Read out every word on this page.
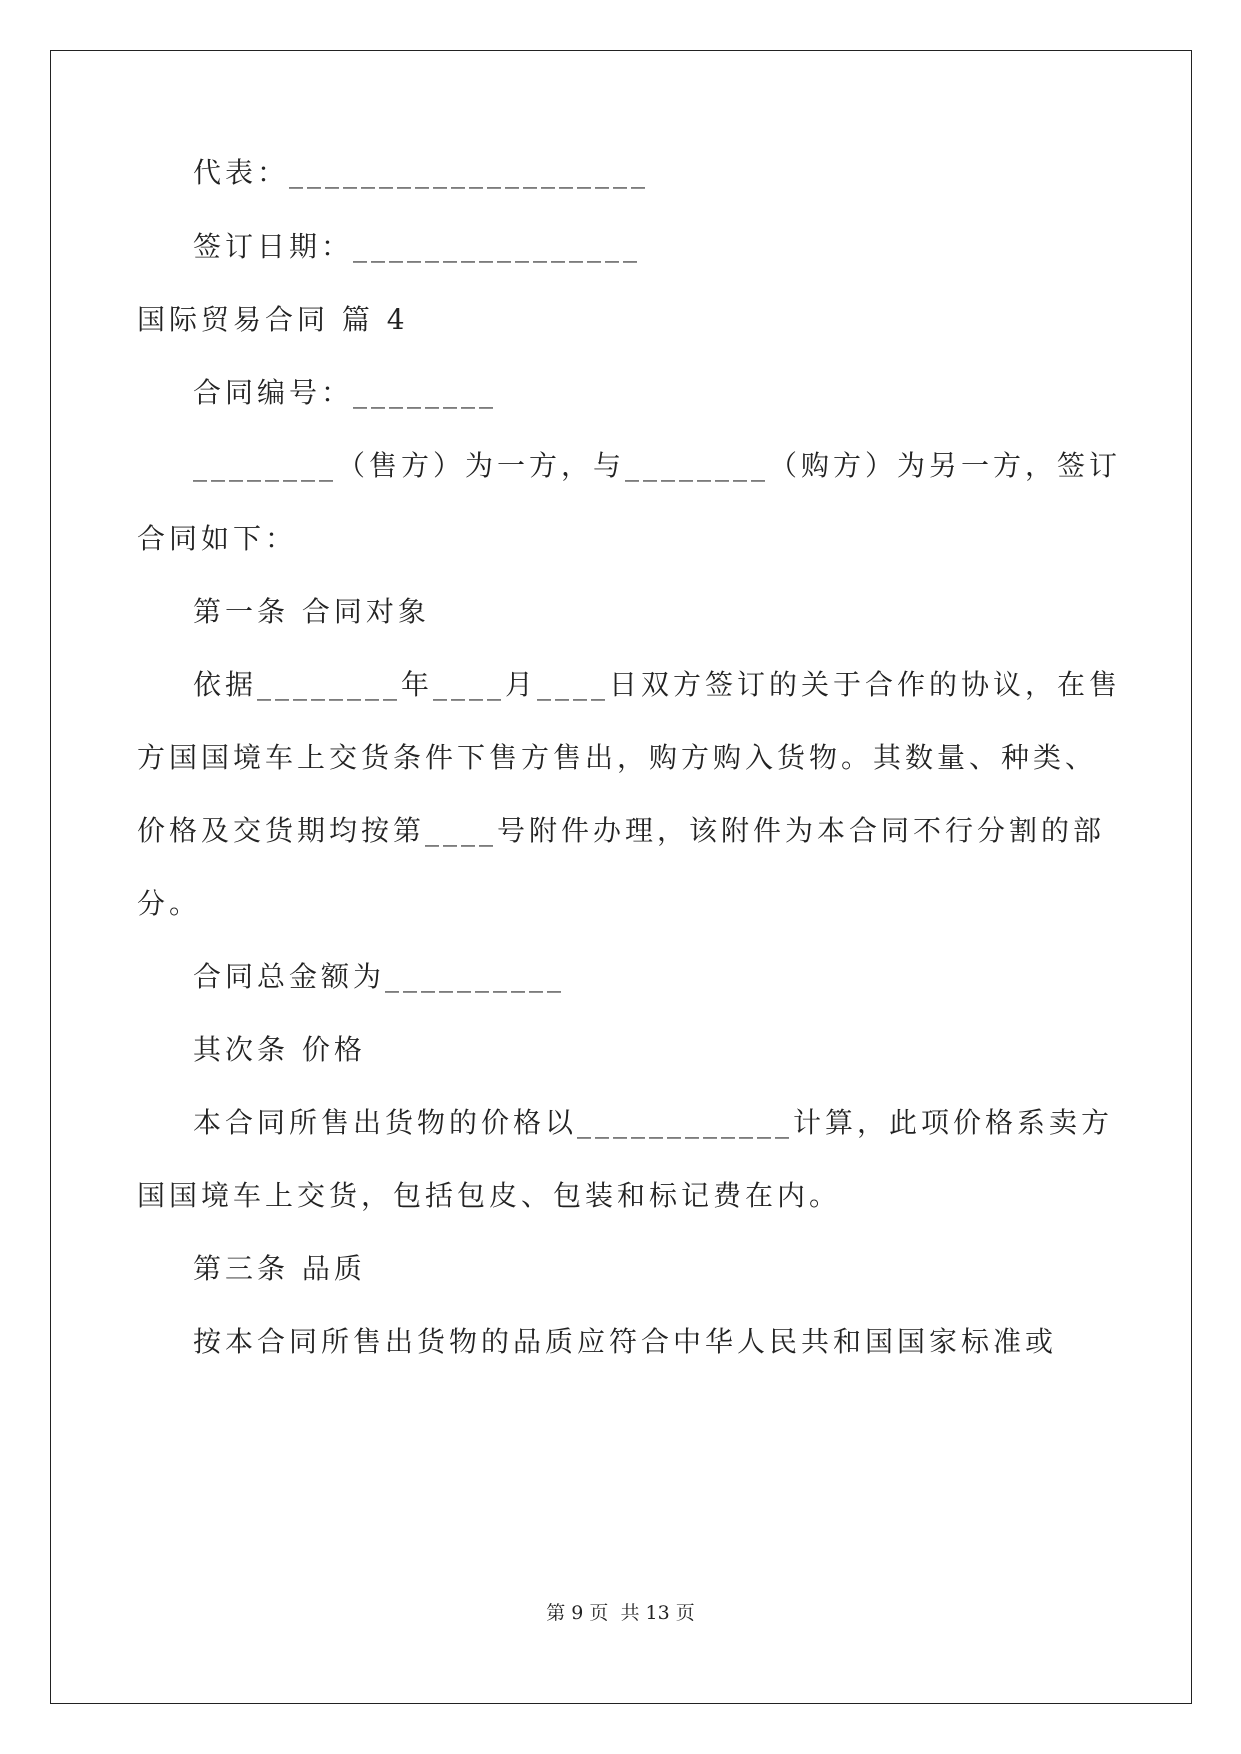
代表：____________________
签订日期：________________
国际贸易合同 篇 4
合同编号：________
________（售方）为一方，与________（购方）为另一方，签订
合同如下：
第一条 合同对象
依据________年____月____日双方签订的关于合作的协议，在售
方国国境车上交货条件下售方售出，购方购入货物。其数量、种类、
价格及交货期均按第____号附件办理，该附件为本合同不行分割的部
分。
合同总金额为__________
其次条 价格
本合同所售出货物的价格以____________计算，此项价格系卖方
国国境车上交货，包括包皮、包装和标记费在内。
第三条 品质
按本合同所售出货物的品质应符合中华人民共和国国家标准或
第 9 页  共 13 页
